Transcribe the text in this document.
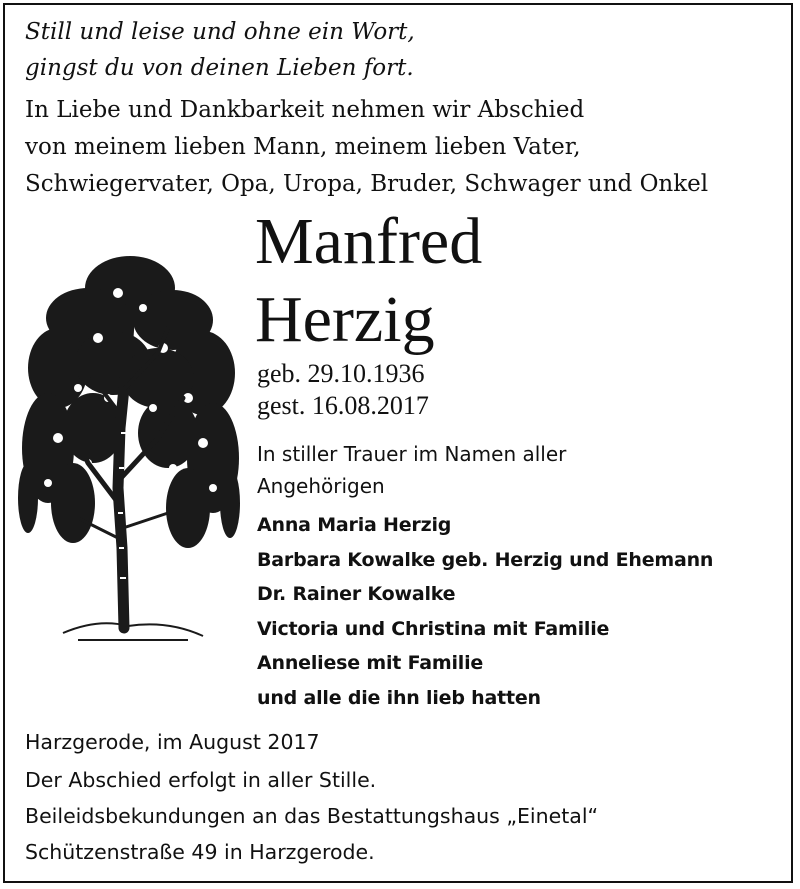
Still und leise und ohne ein Wort,
gingst du von deinen Lieben fort.
In Liebe und Dankbarkeit nehmen wir Abschied
von meinem lieben Mann, meinem lieben Vater,
Schwiegervater, Opa, Uropa, Bruder, Schwager und Onkel
Manfred
Herzig
geb. 29.10.1936
gest. 16.08.2017
In stiller Trauer im Namen aller
Angehörigen
Anna Maria Herzig
Barbara Kowalke geb. Herzig und Ehemann
Dr. Rainer Kowalke
Victoria und Christina mit Familie
Anneliese mit Familie
und alle die ihn lieb hatten
Harzgerode, im August 2017
Der Abschied erfolgt in aller Stille.
Beileidsbekundungen an das Bestattungshaus „Einetal“
Schützenstraße 49 in Harzgerode.
